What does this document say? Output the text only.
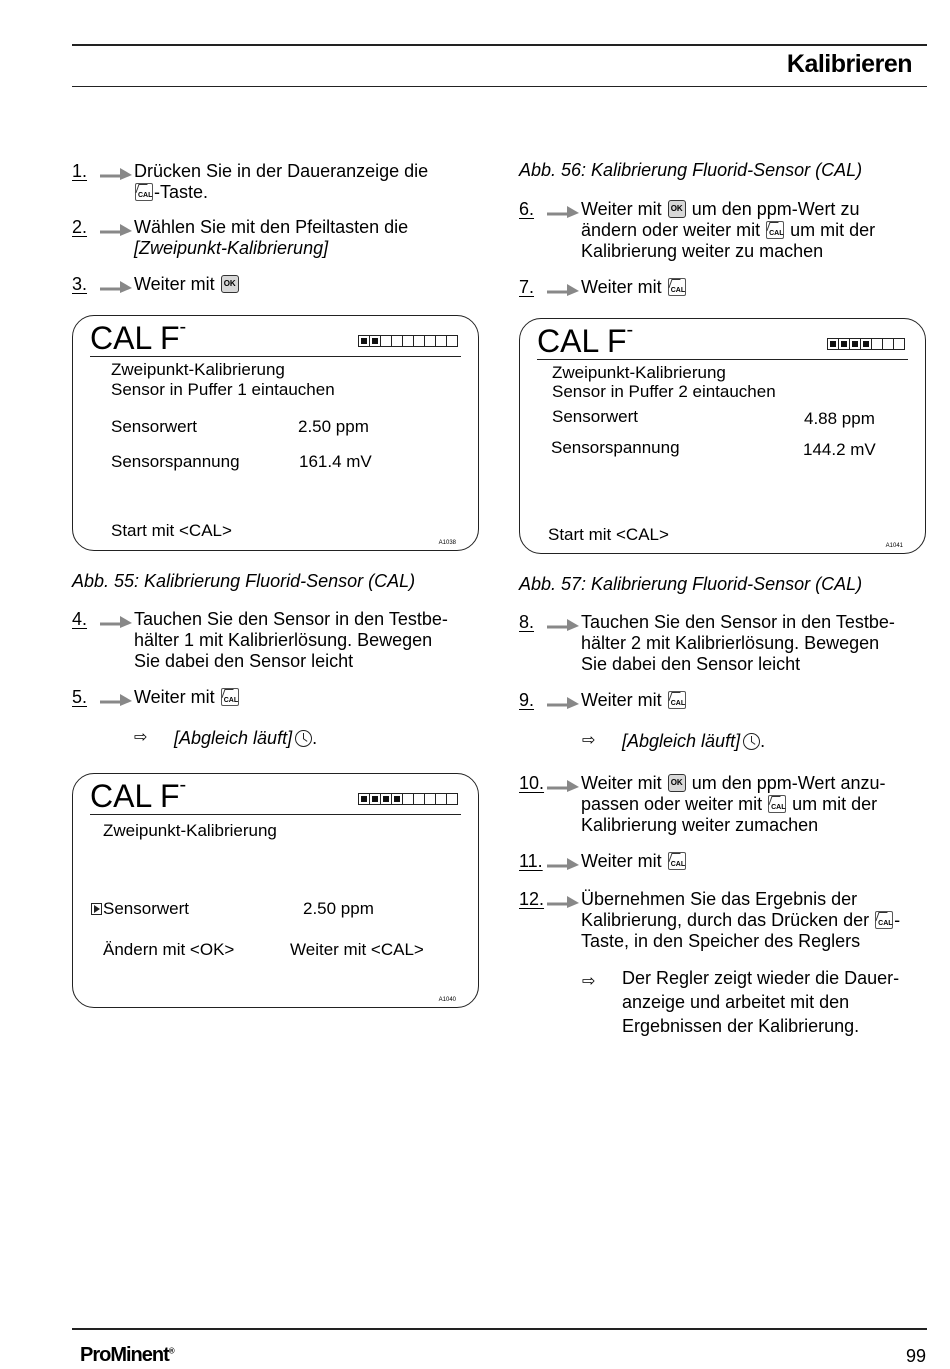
Kalibrieren
1.	Drücken Sie in der Daueranzeige die
CAL -Taste.
2.	Wählen Sie mit den Pfeiltasten die
[Zweipunkt-Kalibrierung]
3.	Weiter mit OK
CAL F-
Zweipunkt-Kalibrierung
Sensor in Puffer 1 eintauchen
Sensorwert	2.50 ppm
Sensorspannung	161.4 mV
Start mit <CAL>
A1038
Abb. 55: Kalibrierung Fluorid-Sensor (CAL)
4.	Tauchen Sie den Sensor in den Testbe-
hälter 1 mit Kalibrierlösung. Bewegen
Sie dabei den Sensor leicht
5.	Weiter mit CAL
⇨ [Abgleich läuft] .
CAL F-
Zweipunkt-Kalibrierung
Sensorwert	2.50 ppm
Ändern mit <OK>	Weiter mit <CAL>
A1040
Abb. 56: Kalibrierung Fluorid-Sensor (CAL)
6.	Weiter mit OK um den ppm-Wert zu
ändern oder weiter mit CAL um mit der
Kalibrierung weiter zu machen
7.	Weiter mit CAL
CAL F-
Zweipunkt-Kalibrierung
Sensor in Puffer 2 eintauchen
Sensorwert	4.88 ppm
Sensorspannung	144.2 mV
Start mit <CAL>
A1041
Abb. 57: Kalibrierung Fluorid-Sensor (CAL)
8.	Tauchen Sie den Sensor in den Testbe-
hälter 2 mit Kalibrierlösung. Bewegen
Sie dabei den Sensor leicht
9.	Weiter mit CAL
⇨ [Abgleich läuft] .
10. Weiter mit OK um den ppm-Wert anzu-
passen oder weiter mit CAL um mit der
Kalibrierung weiter zumachen
11. Weiter mit CAL
12. Übernehmen Sie das Ergebnis der
Kalibrierung, durch das Drücken der CAL -
Taste, in den Speicher des Reglers
⇨ Der Regler zeigt wieder die Dauer-
anzeige und arbeitet mit den
Ergebnissen der Kalibrierung.
ProMinent®	99
